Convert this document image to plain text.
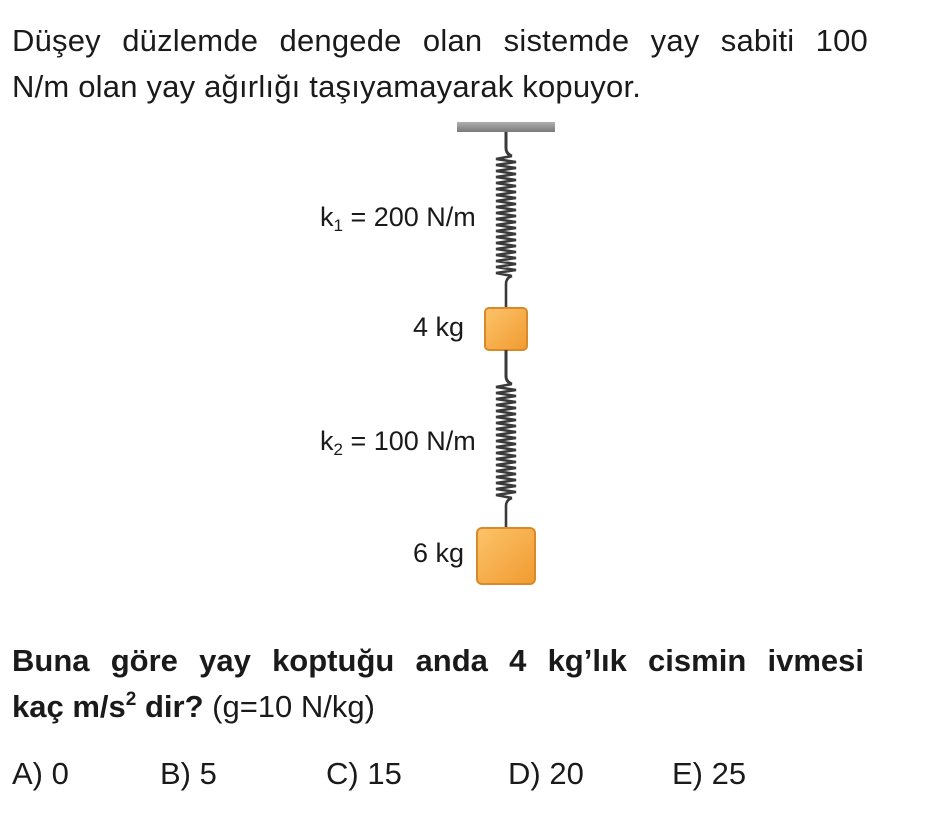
Düşey düzlemde dengede olan sistemde yay sabiti 100
N/m olan yay ağırlığı taşıyamayarak kopuyor.
$k_1 = 200$ N/m
4 kg
$k_2 = 100$ N/m
6 kg
Buna göre yay koptuğu anda 4 kg’lık cismin ivmesi
kaç $m/s^2$ dir? (g=10 N/kg)
A) 0	B) 5	C) 15	D) 20	E) 25
